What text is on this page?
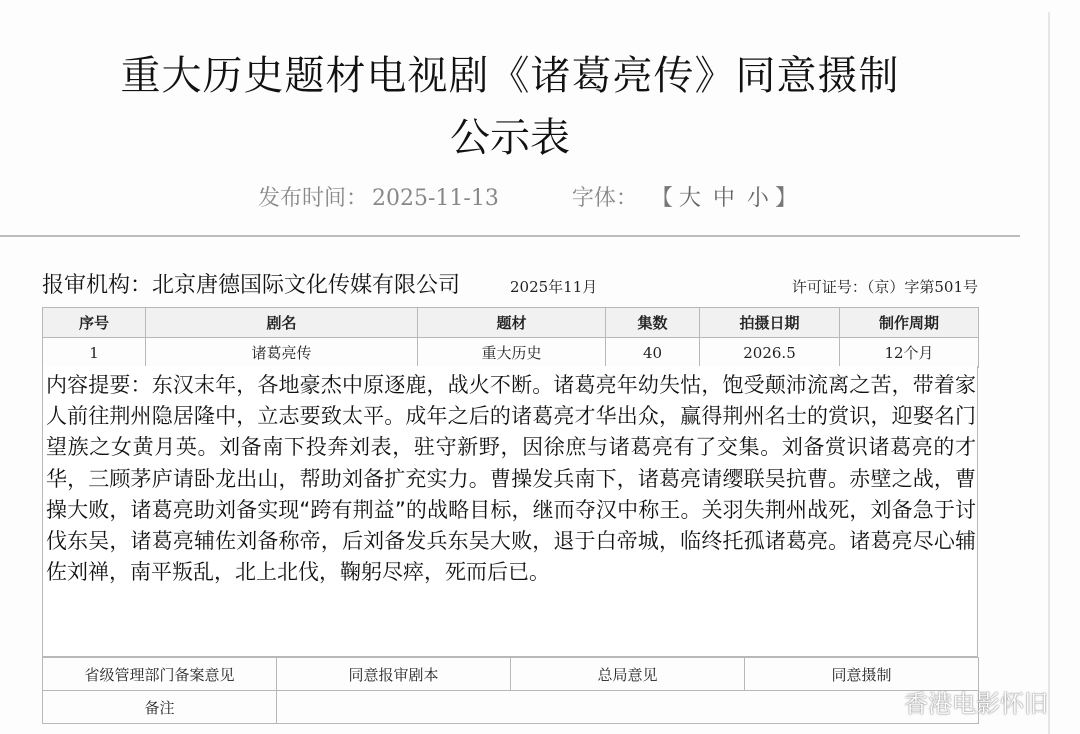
重大历史题材电视剧《诸葛亮传》同意摄制
公示表
发布时间： 2025-11-13	字体： 【 大 中 小 】
报审机构：北京唐德国际文化传媒有限公司	2025年11月	许可证号：（京）字第501号
序号	剧名	题材	集数	拍摄日期	制作周期
1	诸葛亮传	重大历史	40	2026.5	12个月
内容提要：东汉末年，各地豪杰中原逐鹿，战火不断。诸葛亮年幼失怙，饱受颠沛流离之苦，带着家人前往荆州隐居隆中，立志要致太平。成年之后的诸葛亮才华出众，赢得荆州名士的赏识，迎娶名门望族之女黄月英。刘备南下投奔刘表，驻守新野，因徐庶与诸葛亮有了交集。刘备赏识诸葛亮的才华，三顾茅庐请卧龙出山，帮助刘备扩充实力。曹操发兵南下，诸葛亮请缨联吴抗曹。赤壁之战，曹操大败，诸葛亮助刘备实现“跨有荆益”的战略目标，继而夺汉中称王。关羽失荆州战死，刘备急于讨伐东吴，诸葛亮辅佐刘备称帝，后刘备发兵东吴大败，退于白帝城，临终托孤诸葛亮。诸葛亮尽心辅佐刘禅，南平叛乱，北上北伐，鞠躬尽瘁，死而后已。
省级管理部门备案意见	同意报审剧本	总局意见	同意摄制
备注				香港电影怀旧
